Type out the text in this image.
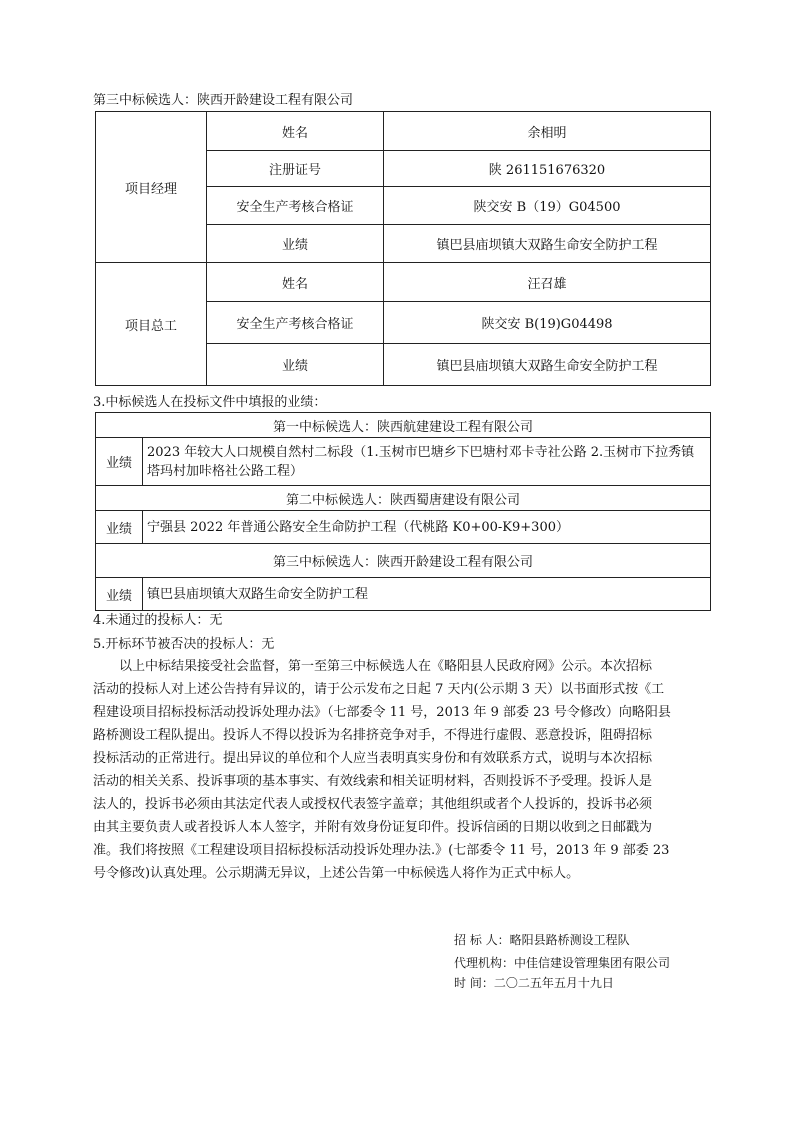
第三中标候选人：陕西开龄建设工程有限公司
项目经理	姓名	余相明
	注册证号	陕 261151676320
	安全生产考核合格证	陕交安 B（19）G04500
	业绩	镇巴县庙坝镇大双路生命安全防护工程
项目总工	姓名	汪召雄
	安全生产考核合格证	陕交安 B(19)G04498
	业绩	镇巴县庙坝镇大双路生命安全防护工程
3.中标候选人在投标文件中填报的业绩：
第一中标候选人：陕西航建建设工程有限公司	
业绩	2023 年较大人口规模自然村二标段（1.玉树市巴塘乡下巴塘村邓卡寺社公路 2.玉树市下拉秀镇
塔玛村加咔格社公路工程）

第二中标候选人：陕西蜀唐建设有限公司	
业绩	宁强县 2022 年普通公路安全生命防护工程（代桃路 K0+00-K9+300）
第三中标候选人：陕西开龄建设工程有限公司	
业绩	镇巴县庙坝镇大双路生命安全防护工程
4.未通过的投标人：无
5.开标环节被否决的投标人：无
　　以上中标结果接受社会监督，第一至第三中标候选人在《略阳县人民政府网》公示。本次招标
活动的投标人对上述公告持有异议的，请于公示发布之日起 7 天内(公示期 3 天）以书面形式按《工
程建设项目招标投标活动投诉处理办法》（七部委令 11 号，2013 年 9 部委 23 号令修改）向略阳县
路桥测设工程队提出。投诉人不得以投诉为名排挤竞争对手，不得进行虚假、恶意投诉，阻碍招标
投标活动的正常进行。提出异议的单位和个人应当表明真实身份和有效联系方式，说明与本次招标
活动的相关关系、投诉事项的基本事实、有效线索和相关证明材料，否则投诉不予受理。投诉人是
法人的，投诉书必须由其法定代表人或授权代表签字盖章；其他组织或者个人投诉的，投诉书必须
由其主要负责人或者投诉人本人签字，并附有效身份证复印件。投诉信函的日期以收到之日邮戳为
准。我们将按照《工程建设项目招标投标活动投诉处理办法.》(七部委令 11 号，2013 年 9 部委 23
号令修改)认真处理。公示期满无异议，上述公告第一中标候选人将作为正式中标人。
招 标 人：略阳县路桥测设工程队
代理机构：中佳信建设管理集团有限公司
时 间：二〇二五年五月十九日
